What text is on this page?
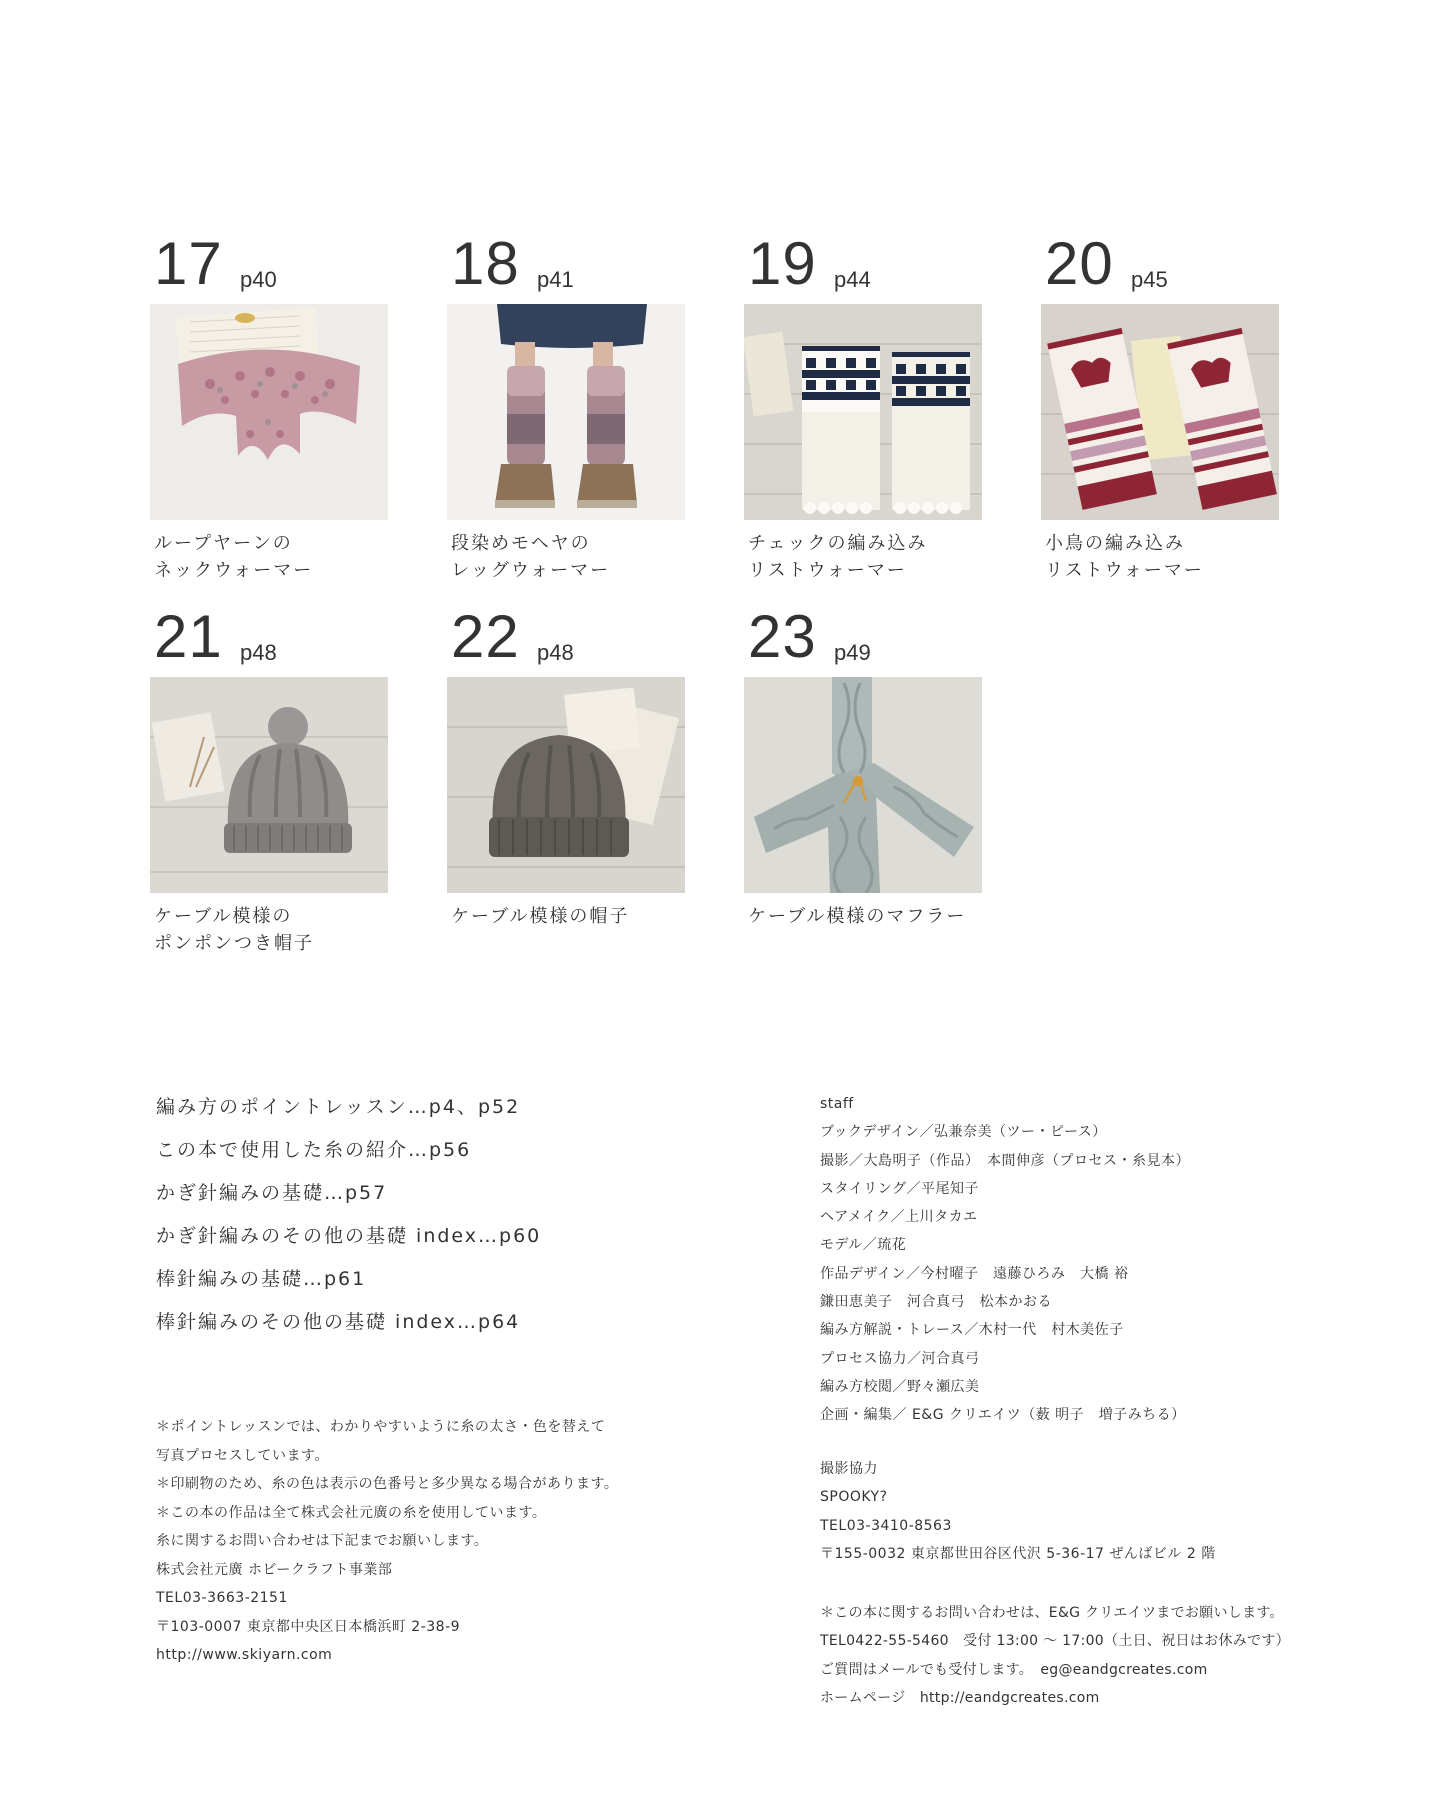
17 p40
ループヤーンの
ネックウォーマー
18 p41
段染めモヘヤの
レッグウォーマー
19 p44
チェックの編み込み
リストウォーマー
20 p45
小鳥の編み込み
リストウォーマー
21 p48
ケーブル模様の
ポンポンつき帽子
22 p48
ケーブル模様の帽子
23 p49
ケーブル模様のマフラー
編み方のポイントレッスン…p4、p52
この本で使用した糸の紹介…p56
かぎ針編みの基礎…p57
かぎ針編みのその他の基礎 index…p60
棒針編みの基礎…p61
棒針編みのその他の基礎 index…p64
＊ポイントレッスンでは、わかりやすいように糸の太さ・色を替えて
写真プロセスしています。
＊印刷物のため、糸の色は表示の色番号と多少異なる場合があります。
＊この本の作品は全て株式会社元廣の糸を使用しています。
糸に関するお問い合わせは下記までお願いします。
株式会社元廣 ホビークラフト事業部
TEL03-3663-2151
〒103-0007 東京都中央区日本橋浜町 2-38-9
http://www.skiyarn.com
staff
ブックデザイン／弘兼奈美（ツー・ピース）
撮影／大島明子（作品）　本間伸彦（プロセス・糸見本）
スタイリング／平尾知子
ヘアメイク／上川タカエ
モデル／琉花
作品デザイン／今村曜子　遠藤ひろみ　大橋 裕
鎌田恵美子　河合真弓　松本かおる
編み方解説・トレース／木村一代　村木美佐子
プロセス協力／河合真弓
編み方校閲／野々瀬広美
企画・編集／ E&G クリエイツ（薮 明子　増子みちる）
撮影協力
SPOOKY?
TEL03-3410-8563
〒155-0032 東京都世田谷区代沢 5-36-17 ぜんばビル 2 階
＊この本に関するお問い合わせは、E&G クリエイツまでお願いします。
TEL0422-55-5460　受付 13:00 ～ 17:00（土日、祝日はお休みです）
ご質問はメールでも受付します。　eg@eandgcreates.com
ホームページ　http://eandgcreates.com
